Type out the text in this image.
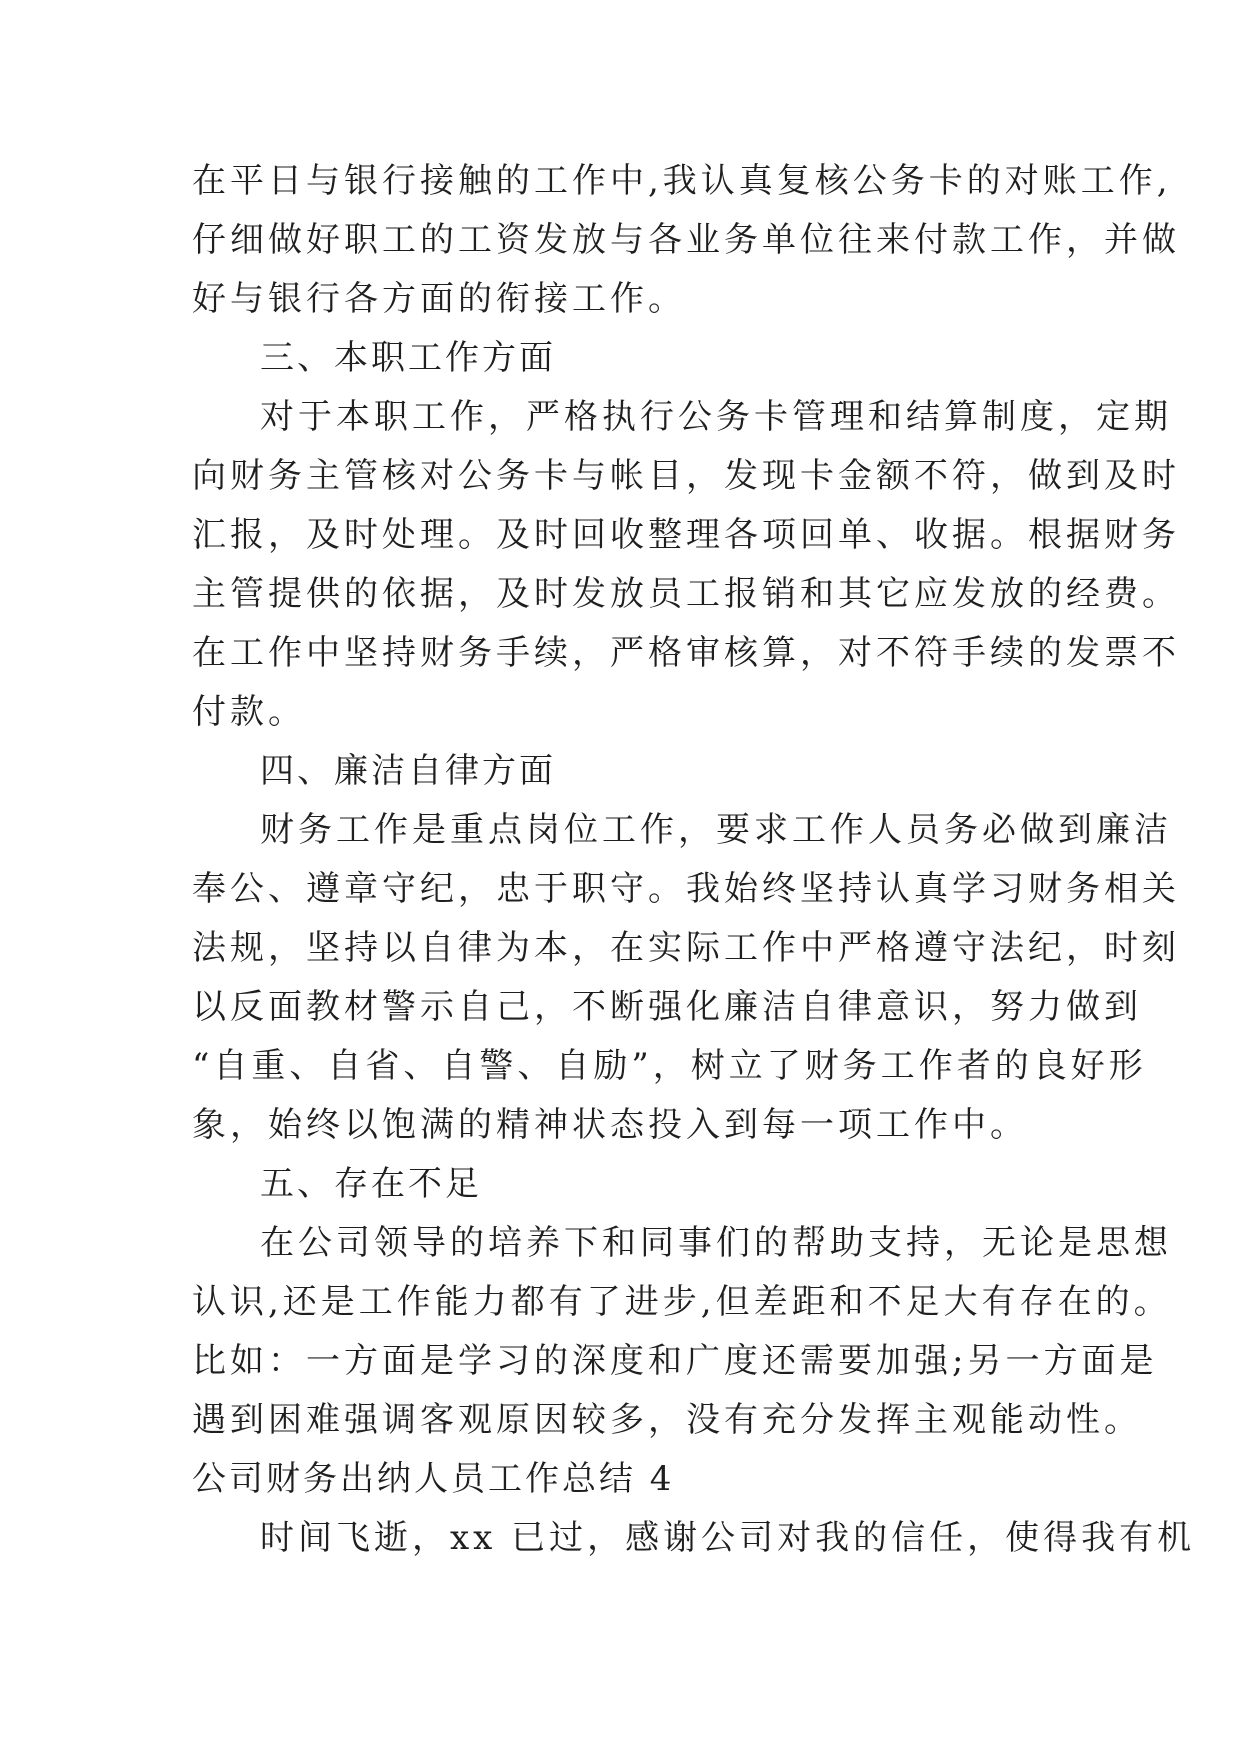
在平日与银行接触的工作中,我认真复核公务卡的对账工作,
仔细做好职工的工资发放与各业务单位往来付款工作，并做
好与银行各方面的衔接工作。
三、本职工作方面
对于本职工作，严格执行公务卡管理和结算制度，定期
向财务主管核对公务卡与帐目，发现卡金额不符，做到及时
汇报，及时处理。及时回收整理各项回单、收据。根据财务
主管提供的依据，及时发放员工报销和其它应发放的经费。
在工作中坚持财务手续，严格审核算，对不符手续的发票不
付款。
四、廉洁自律方面
财务工作是重点岗位工作，要求工作人员务必做到廉洁
奉公、遵章守纪，忠于职守。我始终坚持认真学习财务相关
法规，坚持以自律为本，在实际工作中严格遵守法纪，时刻
以反面教材警示自己，不断强化廉洁自律意识，努力做到
“自重、自省、自警、自励”，树立了财务工作者的良好形
象，始终以饱满的精神状态投入到每一项工作中。
五、存在不足
在公司领导的培养下和同事们的帮助支持，无论是思想
认识,还是工作能力都有了进步,但差距和不足大有存在的。
比如：一方面是学习的深度和广度还需要加强;另一方面是
遇到困难强调客观原因较多，没有充分发挥主观能动性。
公司财务出纳人员工作总结 4
时间飞逝，xx 已过，感谢公司对我的信任，使得我有机
